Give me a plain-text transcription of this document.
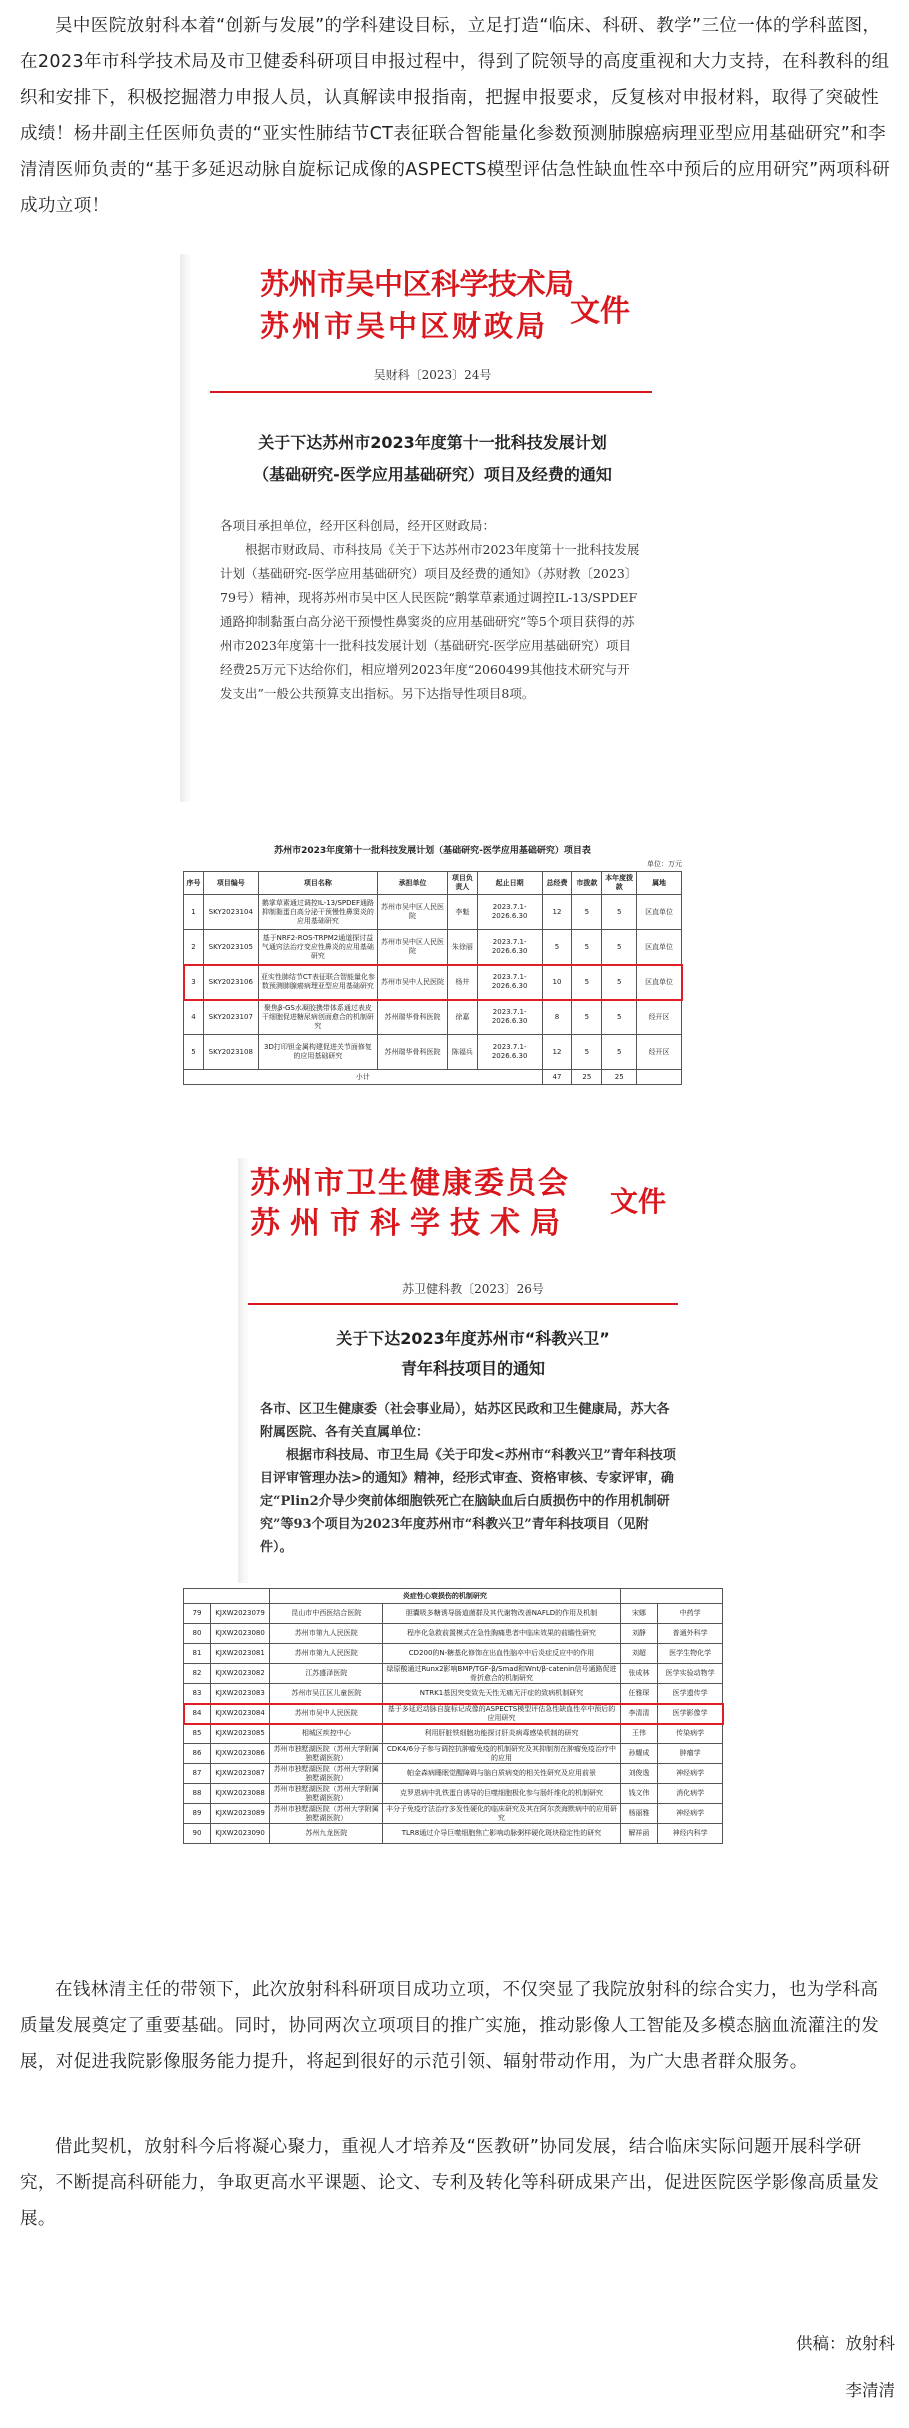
吴中医院放射科本着“创新与发展”的学科建设目标，立足打造“临床、科研、教学”三位一体的学科蓝图，在2023年市科学技术局及市卫健委科研项目申报过程中，得到了院领导的高度重视和大力支持，在科教科的组织和安排下，积极挖掘潜力申报人员，认真解读申报指南，把握申报要求，反复核对申报材料，取得了突破性成绩！杨井副主任医师负责的“亚实性肺结节CT表征联合智能量化参数预测肺腺癌病理亚型应用基础研究”和李清清医师负责的“基于多延迟动脉自旋标记成像的ASPECTS模型评估急性缺血性卒中预后的应用研究”两项科研成功立项！

苏州市吴中区科学技术局
苏州市吴中区财政局 文件
吴财科〔2023〕24号
关于下达苏州市2023年度第十一批科技发展计划
（基础研究-医学应用基础研究）项目及经费的通知

各项目承担单位，经开区科创局，经开区财政局：

根据市财政局、市科技局《关于下达苏州市2023年度第十一批科技发展计划（基础研究-医学应用基础研究）项目及经费的通知》（苏财教〔2023〕79号）精神，现将苏州市吴中区人民医院“鹅掌草素通过调控IL-13/SPDEF通路抑制黏蛋白高分泌干预慢性鼻窦炎的应用基础研究”等5个项目获得的苏州市2023年度第十一批科技发展计划（基础研究-医学应用基础研究）项目经费25万元下达给你们，相应增列2023年度“2060499其他技术研究与开发支出”一般公共预算支出指标。另下达指导性项目8项。

苏州市2023年度第十一批科技发展计划（基础研究-医学应用基础研究）项目表
单位：万元
序号	项目编号	项目名称	承担单位	项目负责人	起止日期	总经费	市拨款	本年度拨款	属地
1	SKY2023104	鹅掌草素通过调控IL-13/SPDEF通路抑制黏蛋白高分泌干预慢性鼻窦炎的应用基础研究	苏州市吴中区人民医院	李魁	2023.7.1-2026.6.30	12	5	5	区直单位
2	SKY2023105	基于NRF2-ROS-TRPM2通道探讨益气通窍法治疗变应性鼻炎的应用基础研究	苏州市吴中区人民医院	朱徐丽	2023.7.1-2026.6.30	5	5	5	区直单位
3	SKY2023106	亚实性肺结节CT表征联合智能量化参数预测肺腺癌病理亚型应用基础研究	苏州市吴中人民医院	杨井	2023.7.1-2026.6.30	10	5	5	区直单位
4	SKY2023107	聚焦β-GS水凝胶携带体系通过表皮干细胞促进糖尿病创面愈合的机制研究	苏州瑞华骨科医院	徐嘉	2023.7.1-2026.6.30	8	5	5	经开区
5	SKY2023108	3D打印钽金属构建促进关节面修复的应用基础研究	苏州瑞华骨科医院	陈福兵	2023.7.1-2026.6.30	12	5	5	经开区
小计						47	25	25	
苏州市卫生健康委员会
苏州市科学技术局
文件
苏卫健科教〔2023〕26号
关于下达2023年度苏州市“科教兴卫”
青年科技项目的通知

各市、区卫生健康委（社会事业局），姑苏区民政和卫生健康局，苏大各附属医院、各有关直属单位：

根据市科技局、市卫生局《关于印发<苏州市“科教兴卫”青年科技项目评审管理办法>的通知》精神，经形式审查、资格审核、专家评审，确定“Plin2介导少突前体细胞铁死亡在脑缺血后白质损伤中的作用机制研究”等93个项目为2023年度苏州市“科教兴卫”青年科技项目（见附件）。

		炎症性心衰损伤的机制研究			
79	KJXW2023079	昆山市中西医结合医院	胆囊吸多糖诱导肠道菌群及其代谢物改善NAFLD的作用及机制	宋娜	中药学
80	KJXW2023080	苏州市第九人民医院	程序化急救前置模式在急性胸痛患者中临床效果的前瞻性研究	刘静	普通外科学
81	KJXW2023081	苏州市第九人民医院	CD200的N-糖基化修饰在出血性脑卒中后炎症反应中的作用	刘超	医学生物化学
82	KJXW2023082	江苏盛泽医院	绿原酸通过Runx2影响BMP/TGF-β/Smad和Wnt/β-catenin信号通路促进骨折愈合的机制研究	张成林	医学实验动物学
83	KJXW2023083	苏州市吴江区儿童医院	NTRK1基因突变致先天性无痛无汗症的致病机制研究	任雅琛	医学遗传学
84	KJXW2023084	苏州市吴中人民医院	基于多延迟动脉自旋标记成像的ASPECTS模型评估急性缺血性卒中预后的应用研究	李清清	医学影像学
85	KJXW2023085	相城区疾控中心	利用肝脏铁细胞功能探讨肝炎病毒感染机制的研究	王伟	传染病学
86	KJXW2023086	苏州市独墅湖医院（苏州大学附属独墅湖医院）	CDK4/6分子参与调控抗肿瘤免疫的机制研究及其抑制剂在肿瘤免疫治疗中的应用	孙耀成	肿瘤学
87	KJXW2023087	苏州市独墅湖医院（苏州大学附属独墅湖医院）	帕金森病睡眠觉醒障碍与脑白质病变的相关性研究及应用前景	刘俊逸	神经病学
88	KJXW2023088	苏州市独墅湖医院（苏州大学附属独墅湖医院）	克罗恩病中乳铁蛋白诱导的巨噬细胞极化参与肠纤维化的机制研究	钱文伟	消化病学
89	KJXW2023089	苏州市独墅湖医院（苏州大学附属独墅湖医院）	丰分子免疫疗法治疗多发性硬化的临床研究及其在阿尔茨海默病中的应用研究	杨丽雅	神经病学
90	KJXW2023090	苏州九龙医院	TLR8通过介导巨噬细胞焦亡影响动脉粥样硬化斑块稳定性的研究	解祥函	神经内科学

在钱林清主任的带领下，此次放射科科研项目成功立项，不仅突显了我院放射科的综合实力，也为学科高质量发展奠定了重要基础。同时，协同两次立项项目的推广实施，推动影像人工智能及多模态脑血流灌注的发展，对促进我院影像服务能力提升，将起到很好的示范引领、辐射带动作用，为广大患者群众服务。

借此契机，放射科今后将凝心聚力，重视人才培养及“医教研”协同发展，结合临床实际问题开展科学研究，不断提高科研能力，争取更高水平课题、论文、专利及转化等科研成果产出，促进医院医学影像高质量发展。

供稿：放射科
李清清
